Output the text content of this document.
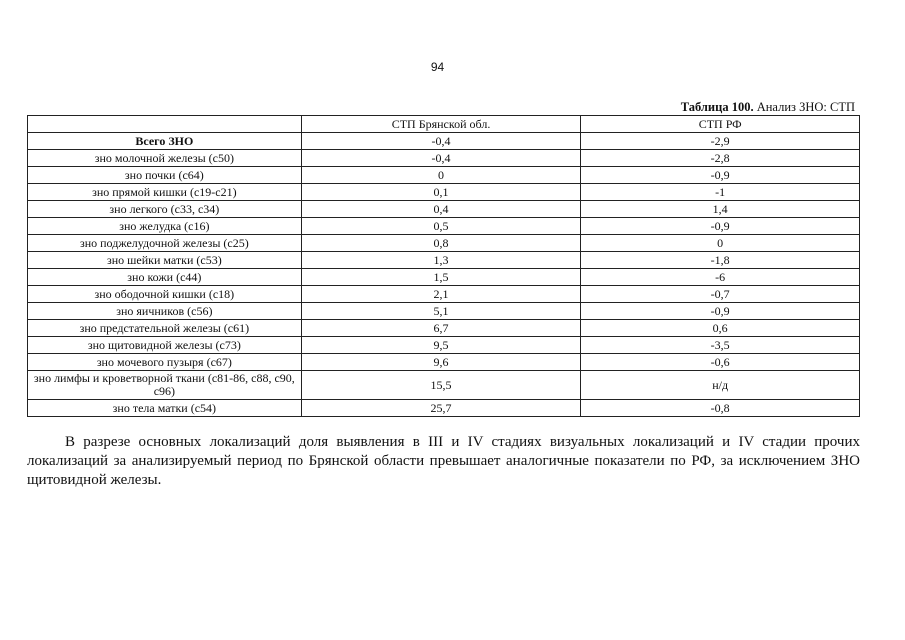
94
Таблица 100. Анализ ЗНО: СТП
	СТП Брянской обл.	СТП РФ
Всего ЗНО	-0,4	-2,9
зно молочной железы (с50)	-0,4	-2,8
зно почки (с64)	0	-0,9
зно прямой кишки (с19-с21)	0,1	-1
зно легкого (с33, с34)	0,4	1,4
зно желудка (с16)	0,5	-0,9
зно поджелудочной железы (с25)	0,8	0
зно шейки матки (с53)	1,3	-1,8
зно кожи (с44)	1,5	-6
зно ободочной кишки (с18)	2,1	-0,7
зно яичников (с56)	5,1	-0,9
зно предстательной железы (с61)	6,7	0,6
зно щитовидной железы (с73)	9,5	-3,5
зно мочевого пузыря (с67)	9,6	-0,6
зно лимфы и кроветворной ткани (с81-86, с88, с90, с96)	15,5	н/д
зно тела матки (с54)	25,7	-0,8

В разрезе основных локализаций доля выявления в III и IV стадиях визуальных локализаций и IV стадии прочих локализаций за анализируемый период по Брянской области превышает аналогичные показатели по РФ, за исключением ЗНО щитовидной железы.
